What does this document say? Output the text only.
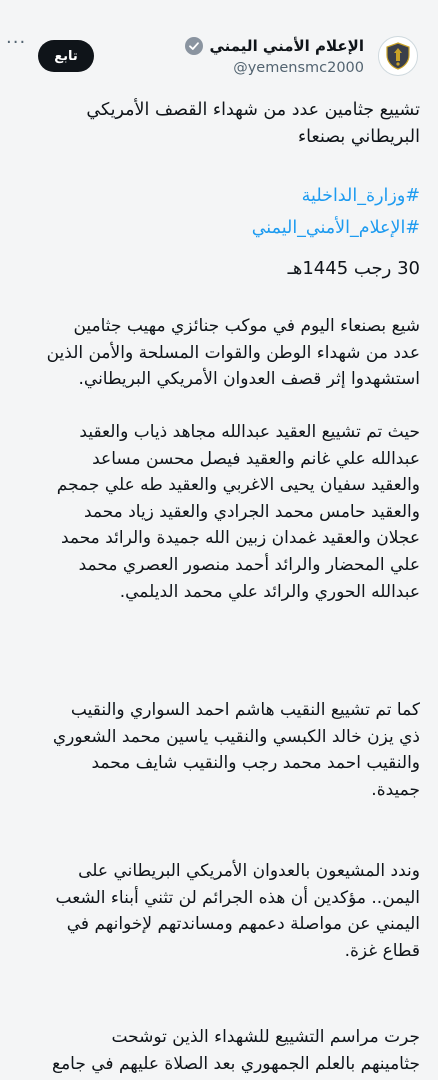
···
تابع
الإعلام الأمني اليمني
@yemensmc2000
تشييع جثامين عدد من شهداء القصف الأمريكي
البريطاني بصنعاء
#وزارة_الداخلية
#الإعلام_الأمني_اليمني
30 رجب 1445هـ
شيع بصنعاء اليوم في موكب جنائزي مهيب جثامين
عدد من شهداء الوطن والقوات المسلحة والأمن الذين
استشهدوا إثر قصف العدوان الأمريكي البريطاني.
حيث تم تشييع العقيد عبدالله مجاهد ذياب والعقيد
عبدالله علي غانم والعقيد فيصل محسن مساعد
والعقيد سفيان يحيى الاغربي والعقيد طه علي جمجم
والعقيد حامس محمد الجرادي والعقيد زياد محمد
عجلان والعقيد غمدان زبين الله جميدة والرائد محمد
علي المحضار والرائد أحمد منصور العصري محمد
عبدالله الحوري والرائد علي محمد الديلمي.
كما تم تشييع النقيب هاشم احمد السواري والنقيب
ذي يزن خالد الكبسي والنقيب ياسين محمد الشعوري
والنقيب احمد محمد رجب والنقيب شايف محمد
جميدة.
وندد المشيعون بالعدوان الأمريكي البريطاني على
اليمن.. مؤكدين أن هذه الجرائم لن تثني أبناء الشعب
اليمني عن مواصلة دعمهم ومساندتهم لإخوانهم في
قطاع غزة.
جرت مراسم التشييع للشهداء الذين توشحت
جثامينهم بالعلم الجمهوري بعد الصلاة عليهم في جامع
